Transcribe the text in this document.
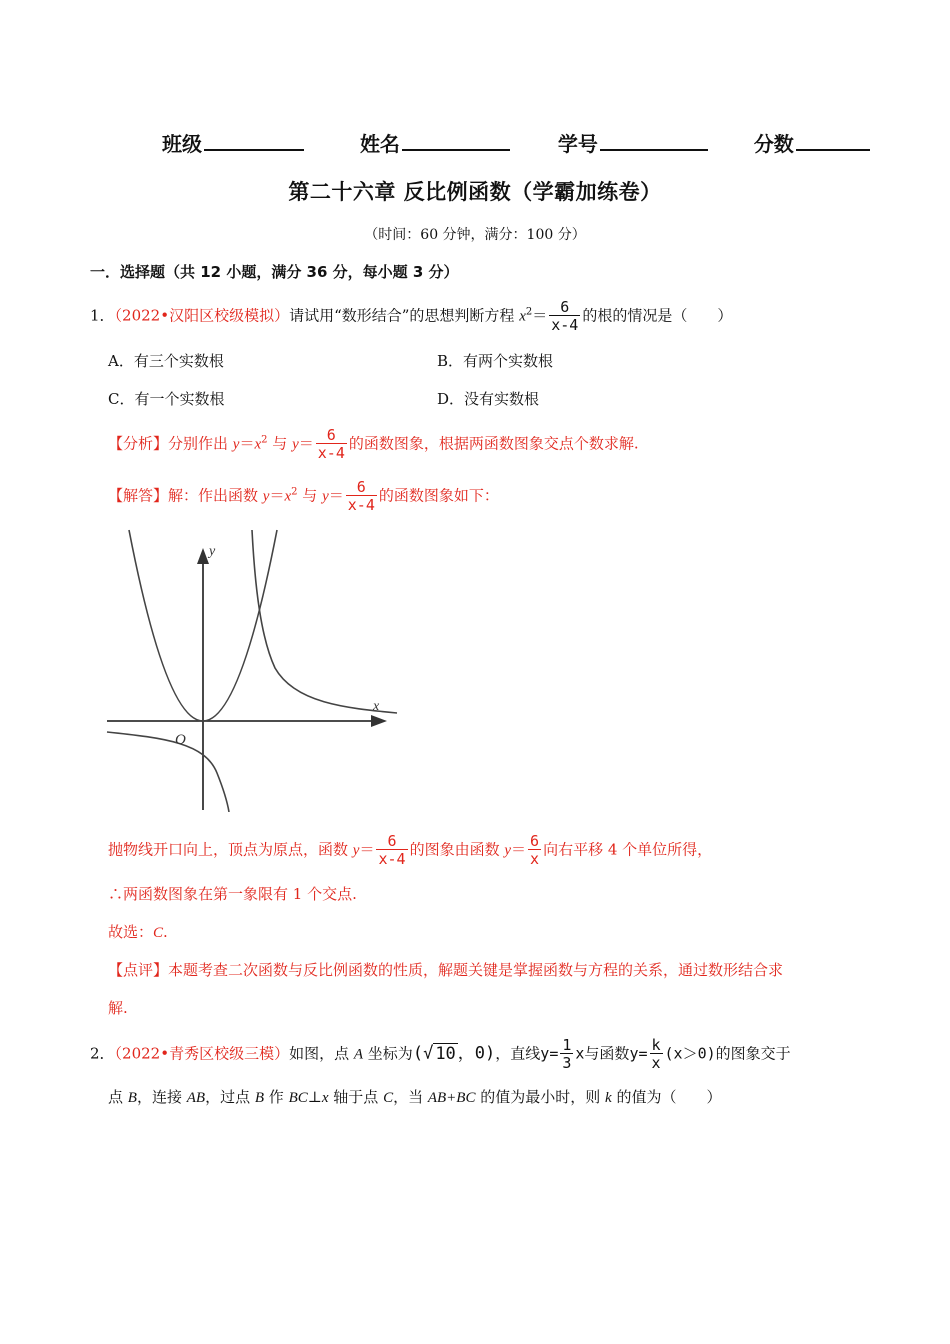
班级	姓名	学号	分数
第二十六章 反比例函数（学霸加练卷）
（时间：60 分钟，满分：100 分）
一．选择题（共 12 小题，满分 36 分，每小题 3 分）
1．（2022•汉阳区校级模拟）请试用“数形结合”的思想判断方程 $x^2= \frac{6}{x-4}$ 的根的情况是（　　）
A．有三个实数根	B．有两个实数根
C．有一个实数根	D．没有实数根
【分析】分别作出 $y=x^2$ 与 $y= \frac{6}{x-4}$ 的函数图象，根据两函数图象交点个数求解.
【解答】解：作出函数 $y=x^2$ 与 $y= \frac{6}{x-4}$ 的函数图象如下：
y
x
O
抛物线开口向上，顶点为原点，函数 $y= \frac{6}{x-4}$ 的图象由函数 $y= \frac{6}{x}$ 向右平移 4 个单位所得，
∴两函数图象在第一象限有 1 个交点.
故选：C.
【点评】本题考查二次函数与反比例函数的性质，解题关键是掌握函数与方程的关系，通过数形结合求
解.
2．（2022•青秀区校级三模）如图，点 A 坐标为(√ 10 ，0)，直线$y= \frac{1}{3}$ x与函数$y= \frac{k}{x} (x>0)$的图象交于
点 B，连接 AB，过点 B 作 BC⊥x 轴于点 C，当 AB+BC 的值为最小时，则 k 的值为（　　）
